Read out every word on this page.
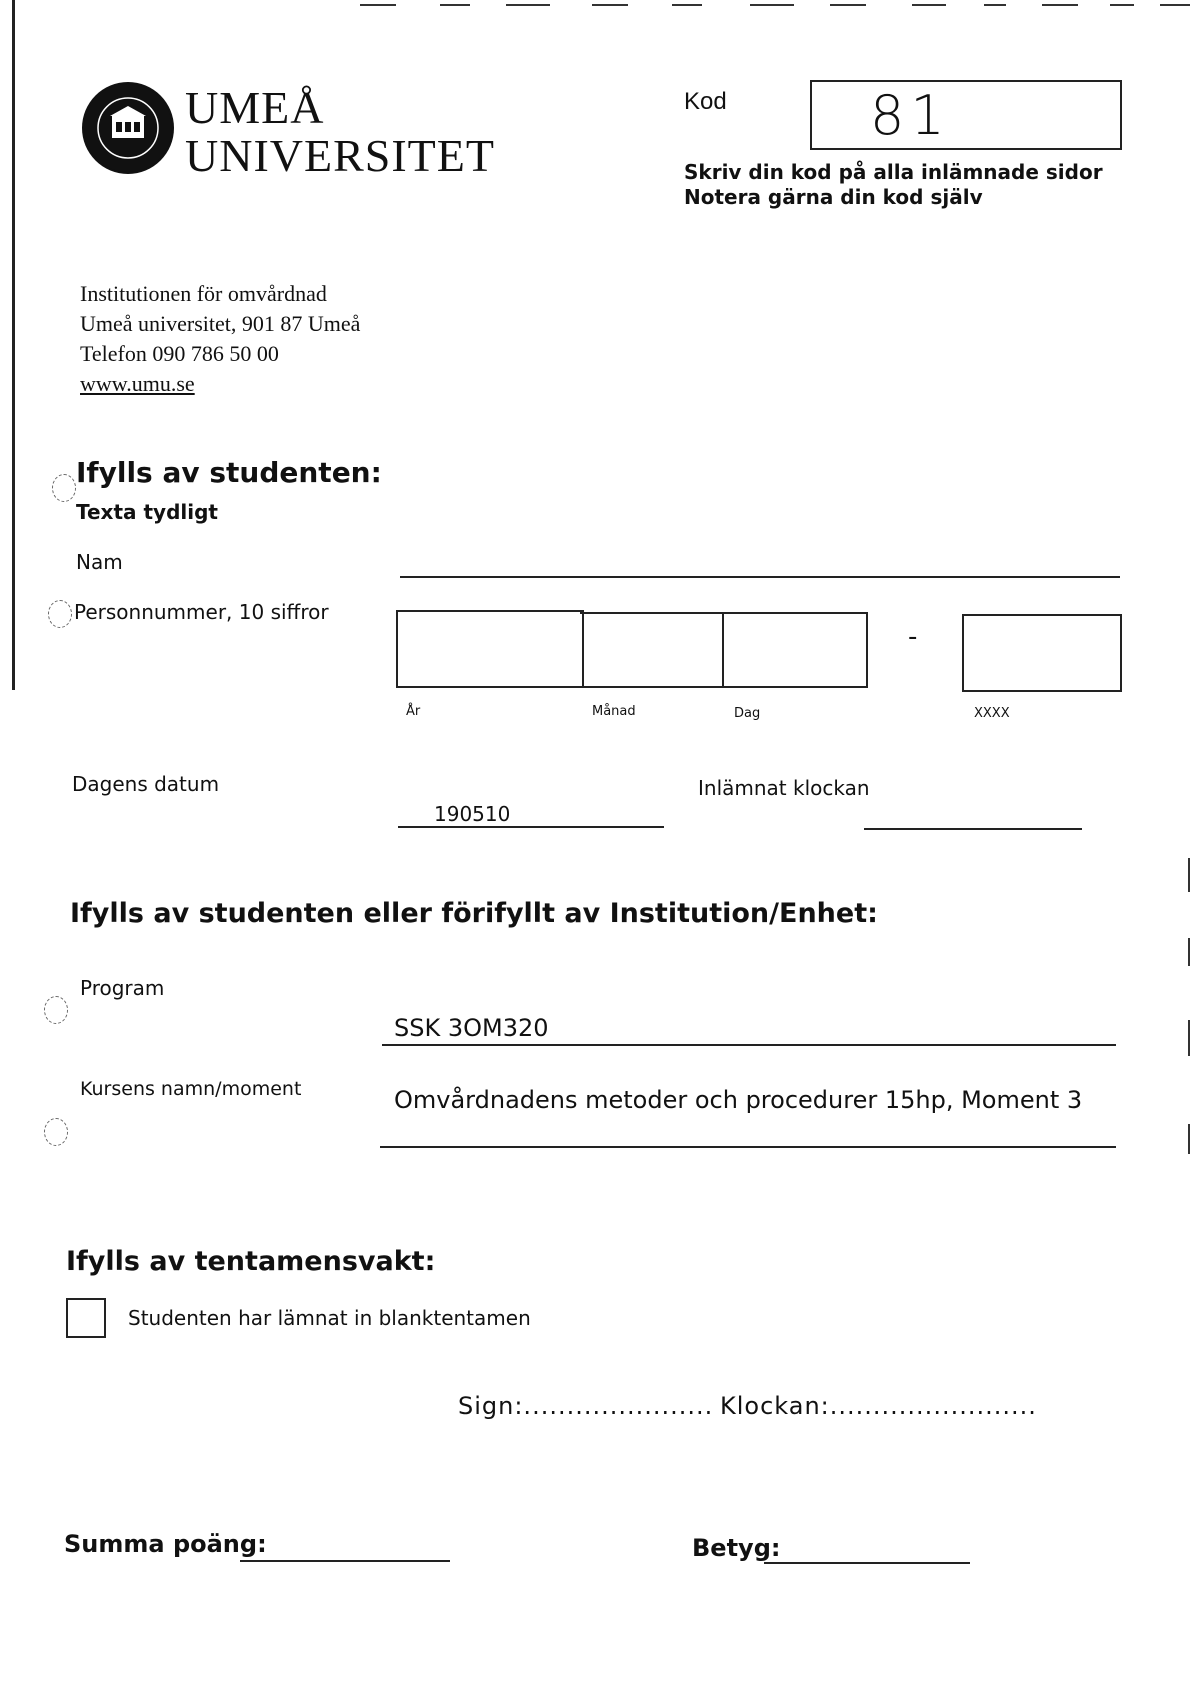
UMEÅ
UNIVERSITET
Kod	81
Skriv din kod på alla inlämnade sidor
Notera gärna din kod själv
Institutionen för omvårdnad
Umeå universitet, 901 87 Umeå
Telefon 090 786 50 00
www.umu.se
Ifylls av studenten:
Texta tydligt
Nam
Personnummer, 10 siffror
-
År	Månad	Dag	XXXX
Dagens datum
190510
Inlämnat klockan
Ifylls av studenten eller förifyllt av Institution/Enhet:
Program
SSK 3OM320
Kursens namn/moment	Omvårdnadens metoder och procedurer 15hp, Moment 3
Ifylls av tentamensvakt:
Studenten har lämnat in blanktentamen
Sign:...................... Klockan:........................
Summa poäng:	Betyg:
